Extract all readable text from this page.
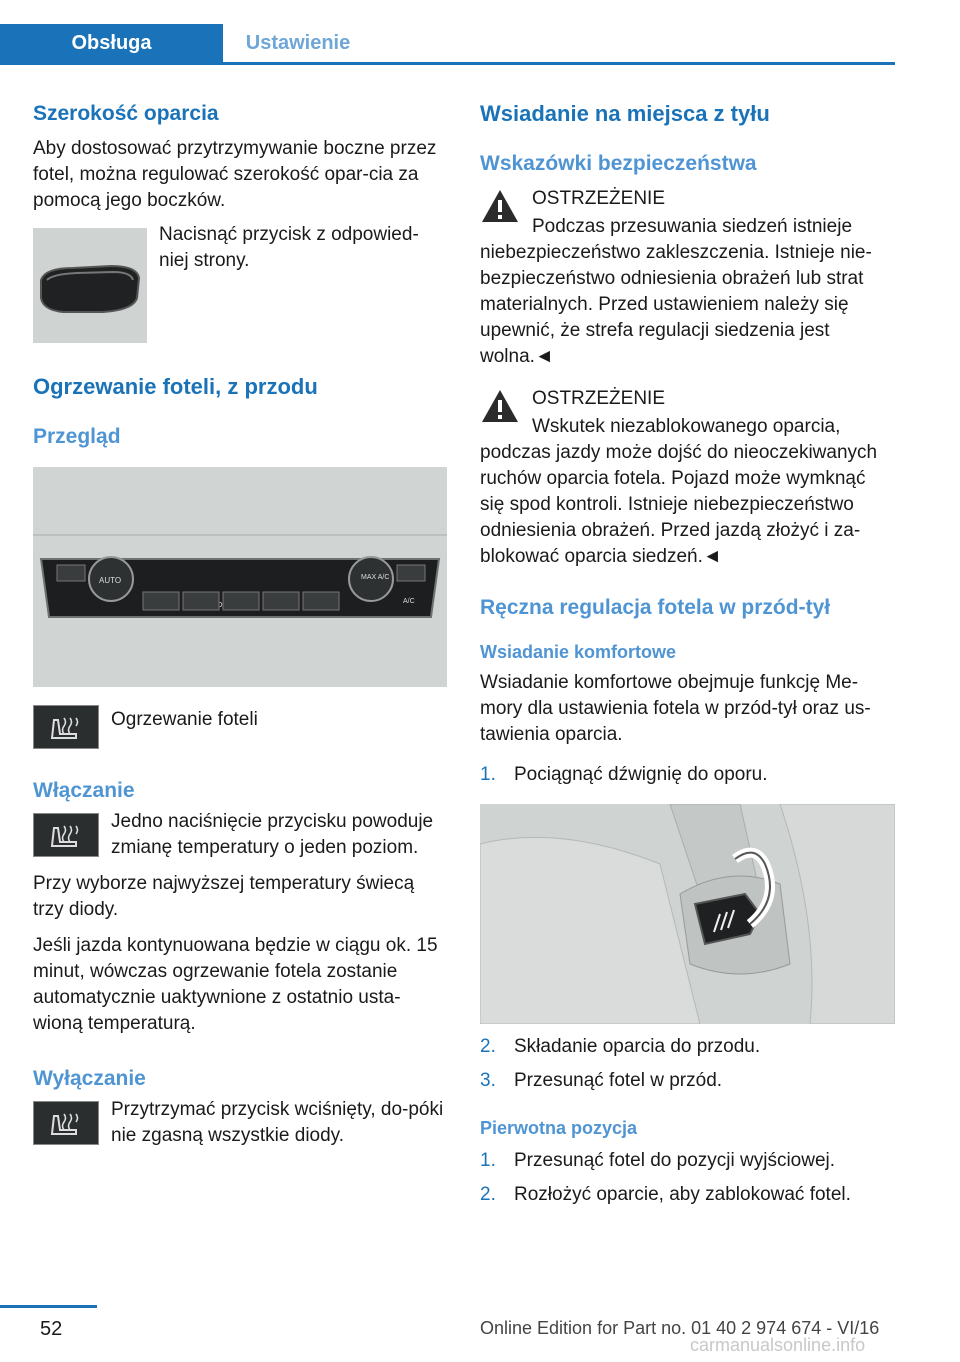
Obsługa	Ustawienie
Szerokość oparcia

Aby dostosować przytrzymywanie boczne przez fotel, można regulować szerokość opar-cia za pomocą jego boczków.

Nacisnąć przycisk z odpowied-niej strony.

Ogrzewanie foteli, z przodu
Przegląd
AUTO	MAX A/C
A/C

Ogrzewanie foteli

Włączanie

Jedno naciśnięcie przycisku powoduje zmianę temperatury o jeden poziom.

Przy wyborze najwyższej temperatury świecą trzy diody.

Jeśli jazda kontynuowana będzie w ciągu ok. 15 minut, wówczas ogrzewanie fotela zostanie automatycznie uaktywnione z ostatnio usta-wioną temperaturą.

Wyłączanie

Przytrzymać przycisk wciśnięty, do-póki nie zgasną wszystkie diody.

Wsiadanie na miejsca z tyłu
Wskazówki bezpieczeństwa

OSTRZEŻENIE

Podczas przesuwania siedzeń istnieje niebezpieczeństwo zakleszczenia. Istnieje nie-bezpieczeństwo odniesienia obrażeń lub strat materialnych. Przed ustawieniem należy się upewnić, że strefa regulacji siedzenia jest wolna.◄

OSTRZEŻENIE

Wskutek niezablokowanego oparcia, podczas jazdy może dojść do nieoczekiwanych ruchów oparcia fotela. Pojazd może wymknąć się spod kontroli. Istnieje niebezpieczeństwo odniesienia obrażeń. Przed jazdą złożyć i za-blokować oparcia siedzeń.◄

Ręczna regulacja fotela w przód-tył
Wsiadanie komfortowe

Wsiadanie komfortowe obejmuje funkcję Me-mory dla ustawienia fotela w przód-tył oraz us-tawienia oparcia.

1. Pociągnąć dźwignię do oporu.
2. Składanie oparcia do przodu.
3. Przesunąć fotel w przód.
Pierwotna pozycja
1. Przesunąć fotel do pozycji wyjściowej.
2. Rozłożyć oparcie, aby zablokować fotel.
52	Online Edition for Part no. 01 40 2 974 674 - VI/16
carmanualsonline.info
